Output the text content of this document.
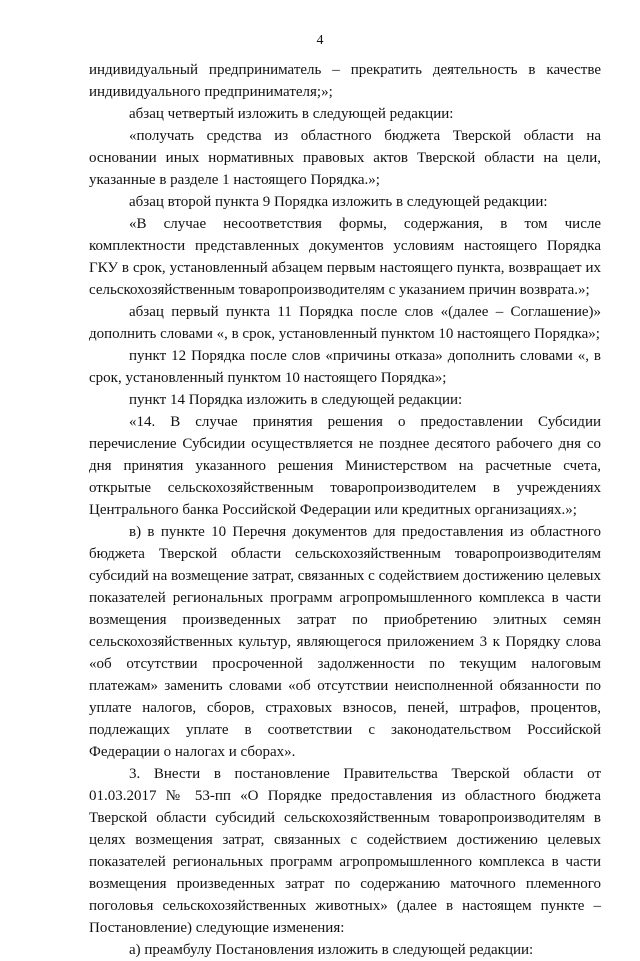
4

индивидуальный предприниматель – прекратить деятельность в качестве индивидуального предпринимателя;»;

абзац четвертый изложить в следующей редакции:

«получать средства из областного бюджета Тверской области на основании иных нормативных правовых актов Тверской области на цели, указанные в разделе 1 настоящего Порядка.»;

абзац второй пункта 9 Порядка изложить в следующей редакции:

«В случае несоответствия формы, содержания, в том числе комплектности представленных документов условиям настоящего Порядка ГКУ в срок, установленный абзацем первым настоящего пункта, возвращает их сельскохозяйственным товаропроизводителям с указанием причин возврата.»;

абзац первый пункта 11 Порядка после слов «(далее – Соглашение)» дополнить словами «, в срок, установленный пунктом 10 настоящего Порядка»;

пункт 12 Порядка после слов «причины отказа» дополнить словами «, в срок, установленный пунктом 10 настоящего Порядка»;

пункт 14 Порядка изложить в следующей редакции:

«14. В случае принятия решения о предоставлении Субсидии перечисление Субсидии осуществляется не позднее десятого рабочего дня со дня принятия указанного решения Министерством на расчетные счета, открытые сельскохозяйственным товаропроизводителем в учреждениях Центрального банка Российской Федерации или кредитных организациях.»;

в) в пункте 10 Перечня документов для предоставления из областного бюджета Тверской области сельскохозяйственным товаропроизводителям субсидий на возмещение затрат, связанных с содействием достижению целевых показателей региональных программ агропромышленного комплекса в части возмещения произведенных затрат по приобретению элитных семян сельскохозяйственных культур, являющегося приложением 3 к Порядку слова «об отсутствии просроченной задолженности по текущим налоговым платежам» заменить словами «об отсутствии неисполненной обязанности по уплате налогов, сборов, страховых взносов, пеней, штрафов, процентов, подлежащих уплате в соответствии с законодательством Российской Федерации о налогах и сборах».

3. Внести в постановление Правительства Тверской области от 01.03.2017 № 53-пп «О Порядке предоставления из областного бюджета Тверской области субсидий сельскохозяйственным товаропроизводителям в целях возмещения затрат, связанных с содействием достижению целевых показателей региональных программ агропромышленного комплекса в части возмещения произведенных затрат по содержанию маточного племенного поголовья сельскохозяйственных животных» (далее в настоящем пункте – Постановление) следующие изменения:

а) преамбулу Постановления изложить в следующей редакции:
